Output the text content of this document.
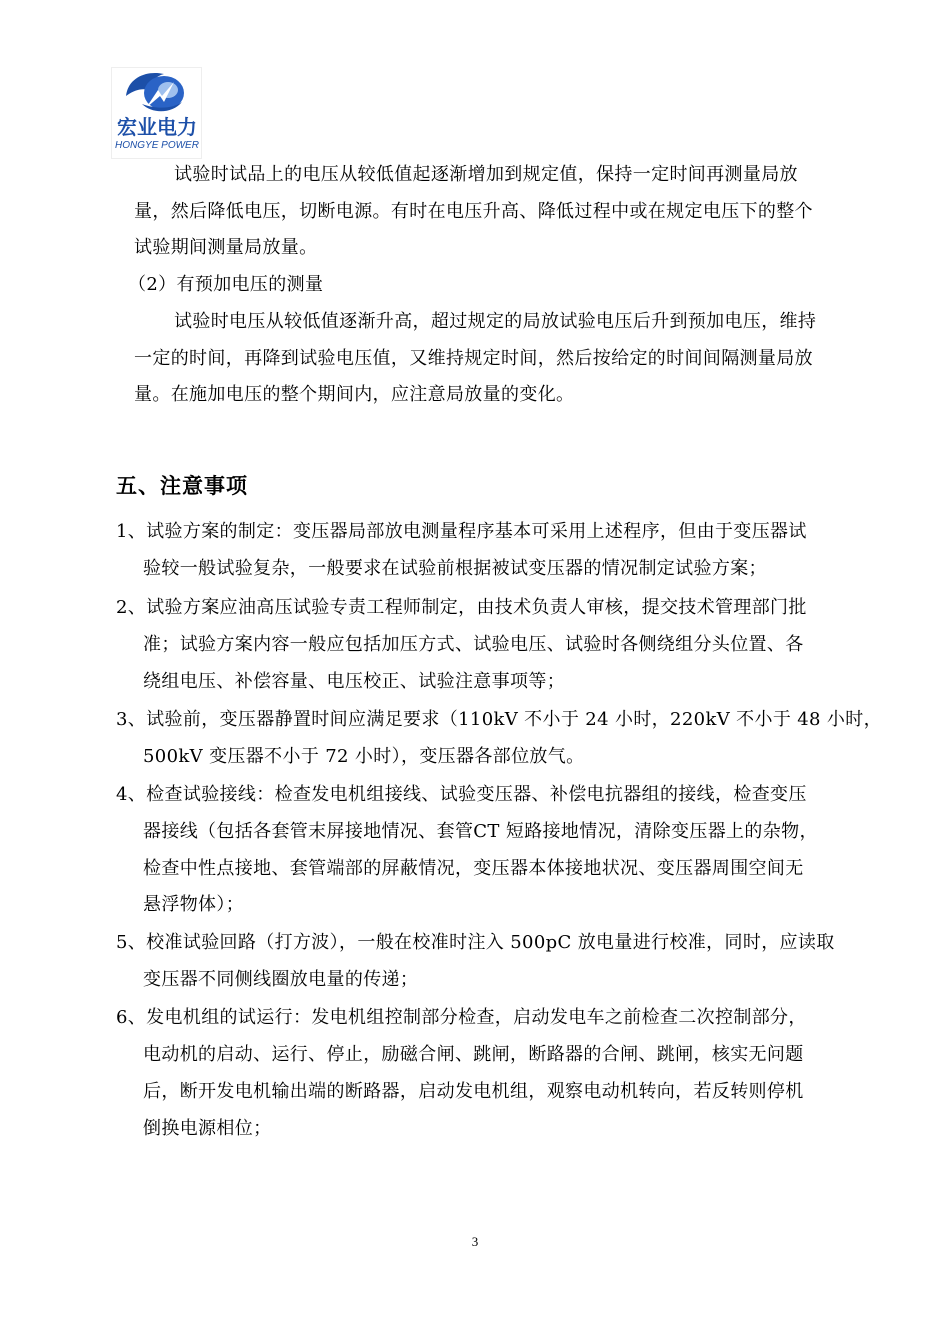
宏业电力
HONGYE POWER
试验时试品上的电压从较低值起逐渐增加到规定值，保持一定时间再测量局放
量，然后降低电压，切断电源。有时在电压升高、降低过程中或在规定电压下的整个
试验期间测量局放量。
（2）有预加电压的测量
试验时电压从较低值逐渐升高，超过规定的局放试验电压后升到预加电压，维持
一定的时间，再降到试验电压值，又维持规定时间，然后按给定的时间间隔测量局放
量。在施加电压的整个期间内，应注意局放量的变化。
五、注意事项
1、试验方案的制定：变压器局部放电测量程序基本可采用上述程序，但由于变压器试
验较一般试验复杂，一般要求在试验前根据被试变压器的情况制定试验方案；
2、试验方案应油高压试验专责工程师制定，由技术负责人审核，提交技术管理部门批
准；试验方案内容一般应包括加压方式、试验电压、试验时各侧绕组分头位置、各
绕组电压、补偿容量、电压校正、试验注意事项等；
3、试验前，变压器静置时间应满足要求（110kV 不小于 24 小时，220kV 不小于 48 小时，
500kV 变压器不小于 72 小时），变压器各部位放气。
4、检查试验接线：检查发电机组接线、试验变压器、补偿电抗器组的接线，检查变压
器接线（包括各套管末屏接地情况、套管CT 短路接地情况，清除变压器上的杂物，
检查中性点接地、套管端部的屏蔽情况，变压器本体接地状况、变压器周围空间无
悬浮物体）；
5、校准试验回路（打方波），一般在校准时注入 500pC 放电量进行校准，同时，应读取
变压器不同侧线圈放电量的传递；
6、发电机组的试运行：发电机组控制部分检查，启动发电车之前检查二次控制部分，
电动机的启动、运行、停止，励磁合闸、跳闸，断路器的合闸、跳闸，核实无问题
后，断开发电机输出端的断路器，启动发电机组，观察电动机转向，若反转则停机
倒换电源相位；
3
